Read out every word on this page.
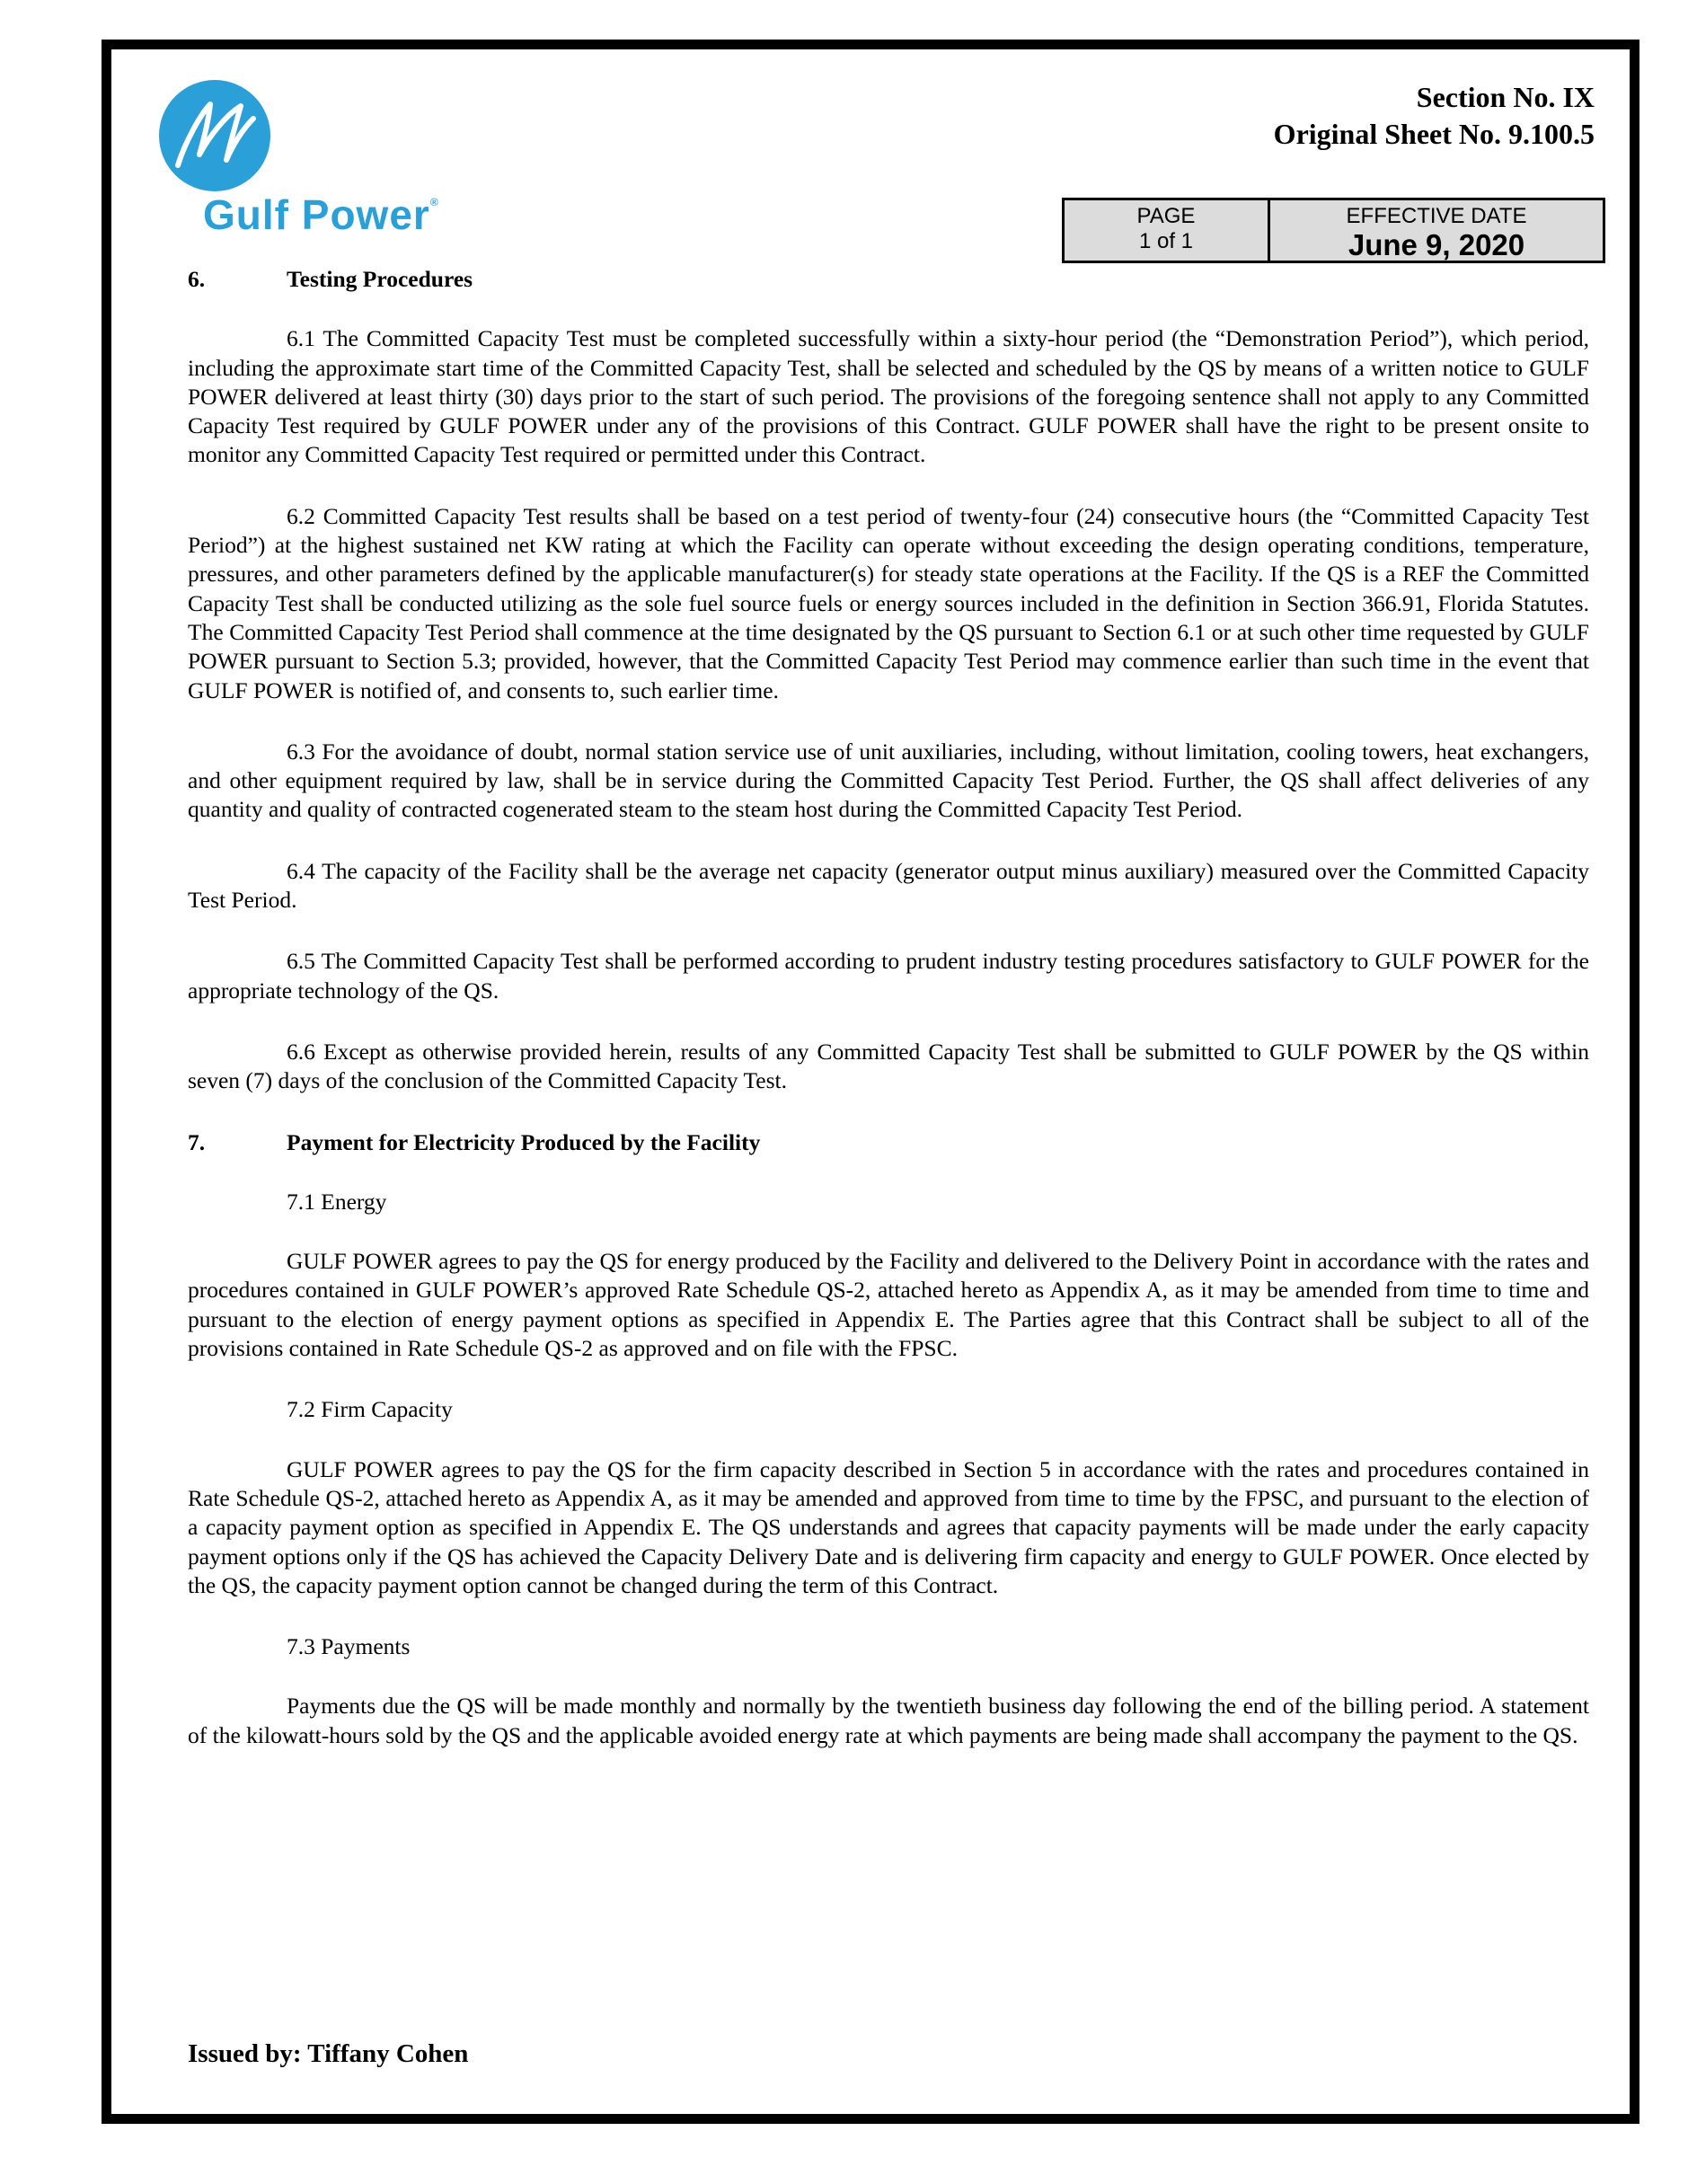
Gulf Power®
Section No. IX
Original Sheet No. 9.100.5
PAGE
1 of 1
EFFECTIVE DATE
June 9, 2020
6.	Testing Procedures

6.1 The Committed Capacity Test must be completed successfully within a sixty-hour period (the “Demonstration Period”), which period, including the approximate start time of the Committed Capacity Test, shall be selected and scheduled by the QS by means of a written notice to GULF POWER delivered at least thirty (30) days prior to the start of such period. The provisions of the foregoing sentence shall not apply to any Committed Capacity Test required by GULF POWER under any of the provisions of this Contract. GULF POWER shall have the right to be present onsite to monitor any Committed Capacity Test required or permitted under this Contract.

6.2 Committed Capacity Test results shall be based on a test period of twenty-four (24) consecutive hours (the “Committed Capacity Test Period”) at the highest sustained net KW rating at which the Facility can operate without exceeding the design operating conditions, temperature, pressures, and other parameters defined by the applicable manufacturer(s) for steady state operations at the Facility. If the QS is a REF the Committed Capacity Test shall be conducted utilizing as the sole fuel source fuels or energy sources included in the definition in Section 366.91, Florida Statutes. The Committed Capacity Test Period shall commence at the time designated by the QS pursuant to Section 6.1 or at such other time requested by GULF POWER pursuant to Section 5.3; provided, however, that the Committed Capacity Test Period may commence earlier than such time in the event that GULF POWER is notified of, and consents to, such earlier time.

6.3 For the avoidance of doubt, normal station service use of unit auxiliaries, including, without limitation, cooling towers, heat exchangers, and other equipment required by law, shall be in service during the Committed Capacity Test Period. Further, the QS shall affect deliveries of any quantity and quality of contracted cogenerated steam to the steam host during the Committed Capacity Test Period.

6.4 The capacity of the Facility shall be the average net capacity (generator output minus auxiliary) measured over the Committed Capacity Test Period.

6.5 The Committed Capacity Test shall be performed according to prudent industry testing procedures satisfactory to GULF POWER for the appropriate technology of the QS.

6.6 Except as otherwise provided herein, results of any Committed Capacity Test shall be submitted to GULF POWER by the QS within seven (7) days of the conclusion of the Committed Capacity Test.

7.	Payment for Electricity Produced by the Facility
7.1 Energy

GULF POWER agrees to pay the QS for energy produced by the Facility and delivered to the Delivery Point in accordance with the rates and procedures contained in GULF POWER’s approved Rate Schedule QS-2, attached hereto as Appendix A, as it may be amended from time to time and pursuant to the election of energy payment options as specified in Appendix E. The Parties agree that this Contract shall be subject to all of the provisions contained in Rate Schedule QS-2 as approved and on file with the FPSC.

7.2 Firm Capacity

GULF POWER agrees to pay the QS for the firm capacity described in Section 5 in accordance with the rates and procedures contained in Rate Schedule QS-2, attached hereto as Appendix A, as it may be amended and approved from time to time by the FPSC, and pursuant to the election of a capacity payment option as specified in Appendix E. The QS understands and agrees that capacity payments will be made under the early capacity payment options only if the QS has achieved the Capacity Delivery Date and is delivering firm capacity and energy to GULF POWER. Once elected by the QS, the capacity payment option cannot be changed during the term of this Contract.

7.3 Payments

Payments due the QS will be made monthly and normally by the twentieth business day following the end of the billing period. A statement of the kilowatt-hours sold by the QS and the applicable avoided energy rate at which payments are being made shall accompany the payment to the QS.

Issued by: Tiffany Cohen
